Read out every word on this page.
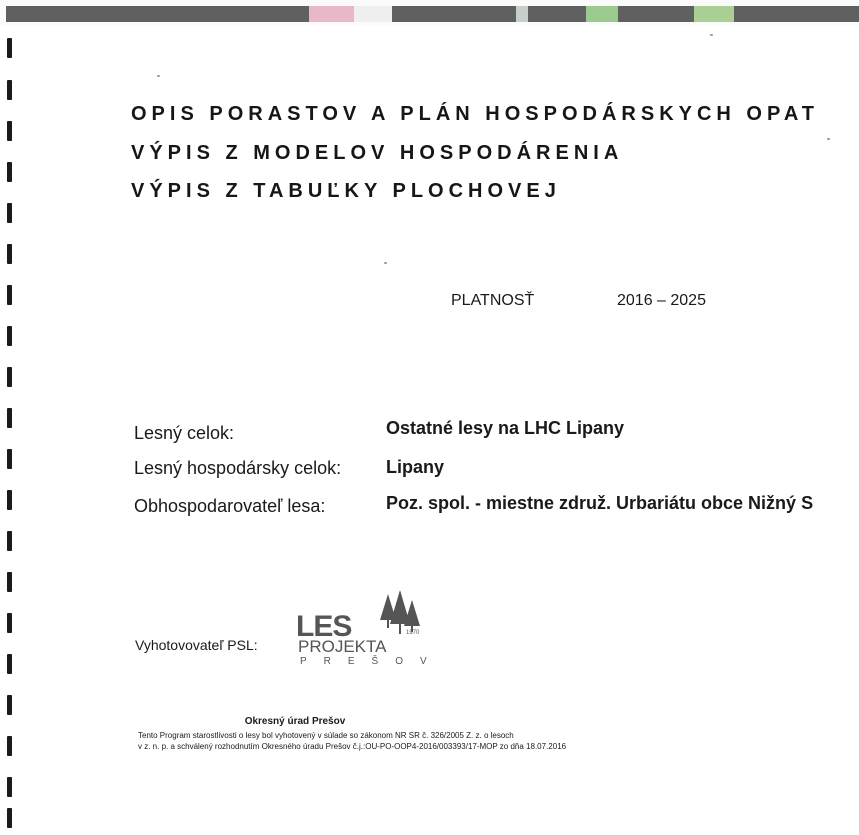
OPIS PORASTOV A PLÁN HOSPODÁRSKYCH OPAT
VÝPIS Z MODELOV HOSPODÁRENIA
VÝPIS Z TABUĽKY PLOCHOVEJ
PLATNOSŤ	2016 – 2025
Lesný celok:	Ostatné lesy na LHC Lipany
Lesný hospodársky celok: Lipany
Obhospodarovateľ lesa:	Poz. spol. - miestne združ. Urbariátu obce Nižný S
Vyhotovovateľ PSL:
LES	1970
PROJEKTA
PREŠOV
Okresný úrad Prešov
Tento Program starostlivosti o lesy bol vyhotovený v súlade so zákonom NR SR č. 326/2005 Z. z. o lesoch
v z. n. p. a schválený rozhodnutím Okresného úradu Prešov č.j.:OU-PO-OOP4-2016/003393/17-MOP zo dňa 18.07.2016
